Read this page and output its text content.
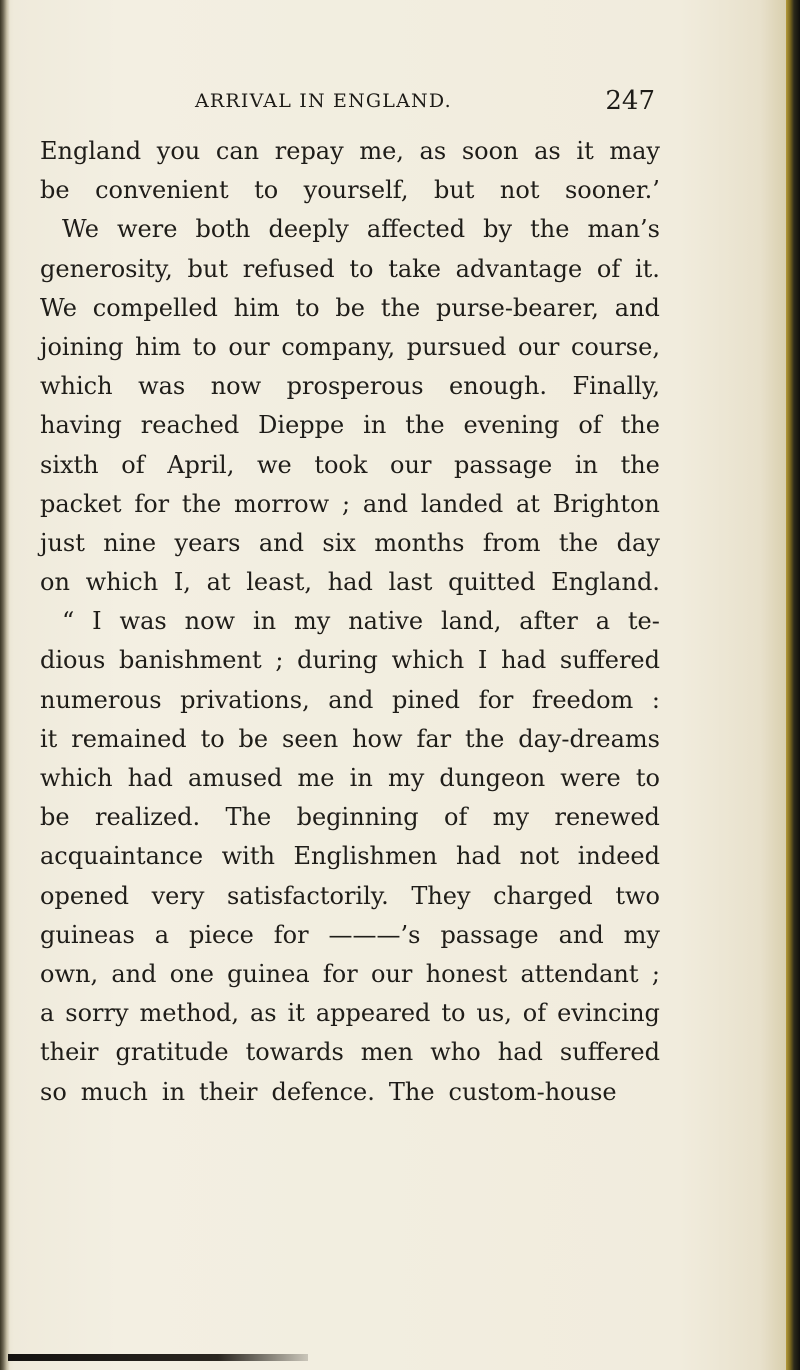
ARRIVAL IN ENGLAND.	247
England you can repay me, as soon as it may
be convenient to yourself, but not sooner.’
We were both deeply affected by the man’s
generosity, but refused to take advantage of it.
We compelled him to be the purse-bearer, and
joining him to our company, pursued our course,
which was now prosperous enough. Finally,
having reached Dieppe in the evening of the
sixth of April, we took our passage in the
packet for the morrow ; and landed at Brighton
just nine years and six months from the day
on which I, at least, had last quitted England.
“ I was now in my native land, after a te-
dious banishment ; during which I had suffered
numerous privations, and pined for freedom :
it remained to be seen how far the day-dreams
which had amused me in my dungeon were to
be realized. The beginning of my renewed
acquaintance with Englishmen had not indeed
opened very satisfactorily. They charged two
guineas a piece for ———’s passage and my
own, and one guinea for our honest attendant ;
a sorry method, as it appeared to us, of evincing
their gratitude towards men who had suffered
so much in their defence. The custom-house
